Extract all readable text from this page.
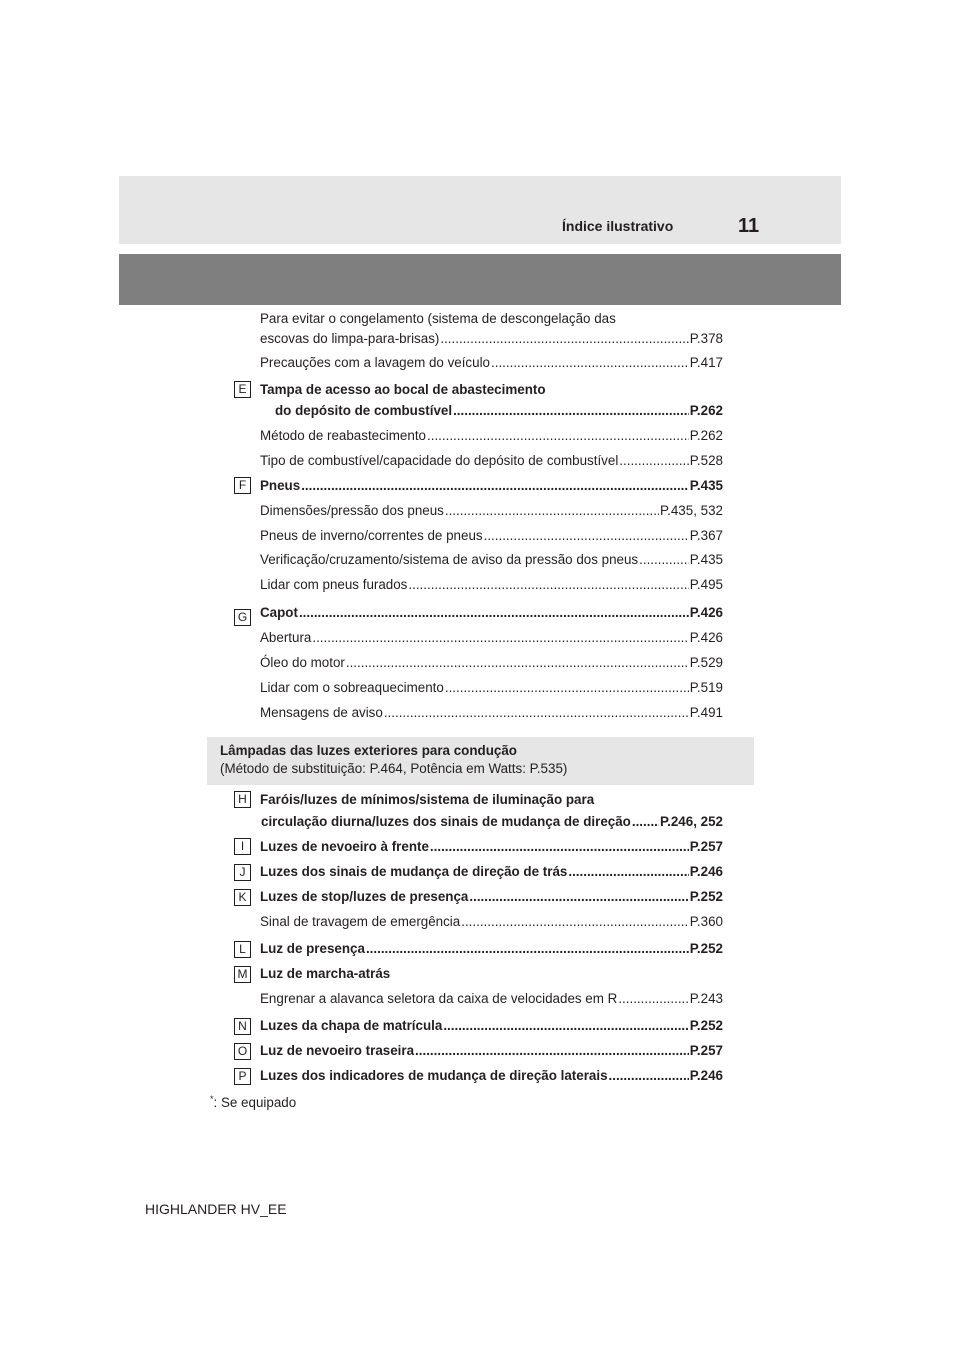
Índice ilustrativo	11
Para evitar o congelamento (sistema de descongelação das
escovas do limpa-para-brisas) .....	P.378
Precauções com a lavagem do veículo .....	P.417
E	Tampa de acesso ao bocal de abastecimento
do depósito de combustível .....	P.262
Método de reabastecimento .....	P.262
Tipo de combustível/capacidade do depósito de combustível .....	P.528
F	Pneus .....	P.435
Dimensões/pressão dos pneus .....	P.435, 532
Pneus de inverno/correntes de pneus .....	P.367
Verificação/cruzamento/sistema de aviso da pressão dos pneus .....	P.435
Lidar com pneus furados .....	P.495
G Capot .....	P.426
Abertura .....	P.426
Óleo do motor .....	P.529
Lidar com o sobreaquecimento .....	P.519
Mensagens de aviso .....	P.491
Lâmpadas das luzes exteriores para condução
(Método de substituição: P.464, Potência em Watts: P.535)
H Faróis/luzes de mínimos/sistema de iluminação para
circulação diurna/luzes dos sinais de mudança de direção ..... P.246, 252
I	Luzes de nevoeiro à frente .....	P.257
J	Luzes dos sinais de mudança de direção de trás .....	P.246
K	Luzes de stop/luzes de presença .....	P.252
Sinal de travagem de emergência .....	P.360
L	Luz de presença .....	P.252
M Luz de marcha-atrás
Engrenar a alavanca seletora da caixa de velocidades em R .....	P.243
N Luzes da chapa de matrícula .....	P.252
O Luz de nevoeiro traseira .....	P.257
P	Luzes dos indicadores de mudança de direção laterais .....	P.246
*: Se equipado
HIGHLANDER HV_EE
